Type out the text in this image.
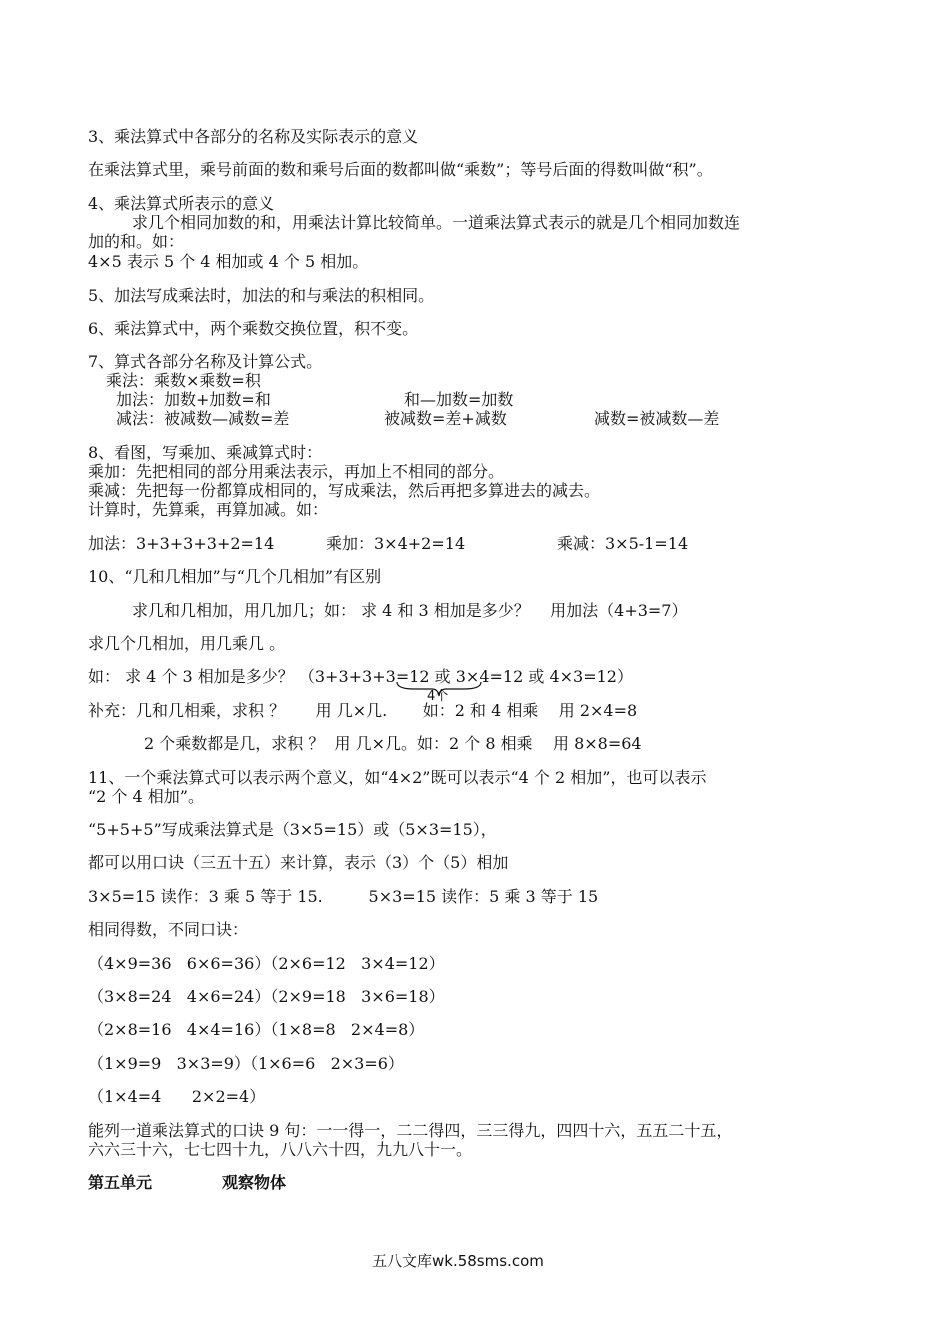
3、乘法算式中各部分的名称及实际表示的意义
在乘法算式里，乘号前面的数和乘号后面的数都叫做“乘数”；等号后面的得数叫做“积”。
4、乘法算式所表示的意义
求几个相同加数的和，用乘法计算比较简单。一道乘法算式表示的就是几个相同加数连
加的和。如：
4×5 表示 5 个 4 相加或 4 个 5 相加。
5、加法写成乘法时，加法的和与乘法的积相同。
6、乘法算式中，两个乘数交换位置，积不变。
7、算式各部分名称及计算公式。
乘法：乘数×乘数=积
加法：加数+加数=和	和—加数=加数
减法：被减数—减数=差	被减数=差+减数	减数=被减数—差
8、看图，写乘加、乘减算式时：
乘加：先把相同的部分用乘法表示，再加上不相同的部分。
乘减：先把每一份都算成相同的，写成乘法，然后再把多算进去的减去。
计算时，先算乘，再算加减。如：
加法：3+3+3+3+2=14	乘加：3×4+2=14	乘减：3×5-1=14
10、“几和几相加”与“几个几相加”有区别
求几和几相加，用几加几；如： 求 4 和 3 相加是多少？    用加法（4+3=7）
求几个几相加，用几乘几 。
如： 求 4 个 3 相加是多少？ （3+3+3+3=12 或 3×4=12 或 4×3=12）
4个
补充：几和几相乘，求积 ？      用 几×几.       如：2 和 4 相乘    用 2×4=8
2 个乘数都是几，求积 ？  用 几×几。如：2 个 8 相乘    用 8×8=64
11、一个乘法算式可以表示两个意义，如“4×2”既可以表示“4 个 2 相加”，也可以表示
“2 个 4 相加”。
“5+5+5”写成乘法算式是（3×5=15）或（5×3=15），
都可以用口诀（三五十五）来计算，表示（3）个（5）相加
3×5=15 读作：3 乘 5 等于 15.         5×3=15 读作：5 乘 3 等于 15
相同得数，不同口诀：
（4×9=36   6×6=36）（2×6=12   3×4=12）
（3×8=24   4×6=24）（2×9=18   3×6=18）
（2×8=16   4×4=16）（1×8=8   2×4=8）
（1×9=9   3×3=9）（1×6=6   2×3=6）
（1×4=4      2×2=4）
能列一道乘法算式的口诀 9 句：一一得一，二二得四，三三得九，四四十六，五五二十五，
六六三十六，七七四十九，八八六十四，九九八十一。
第五单元	观察物体
五八文库wk.58sms.com
